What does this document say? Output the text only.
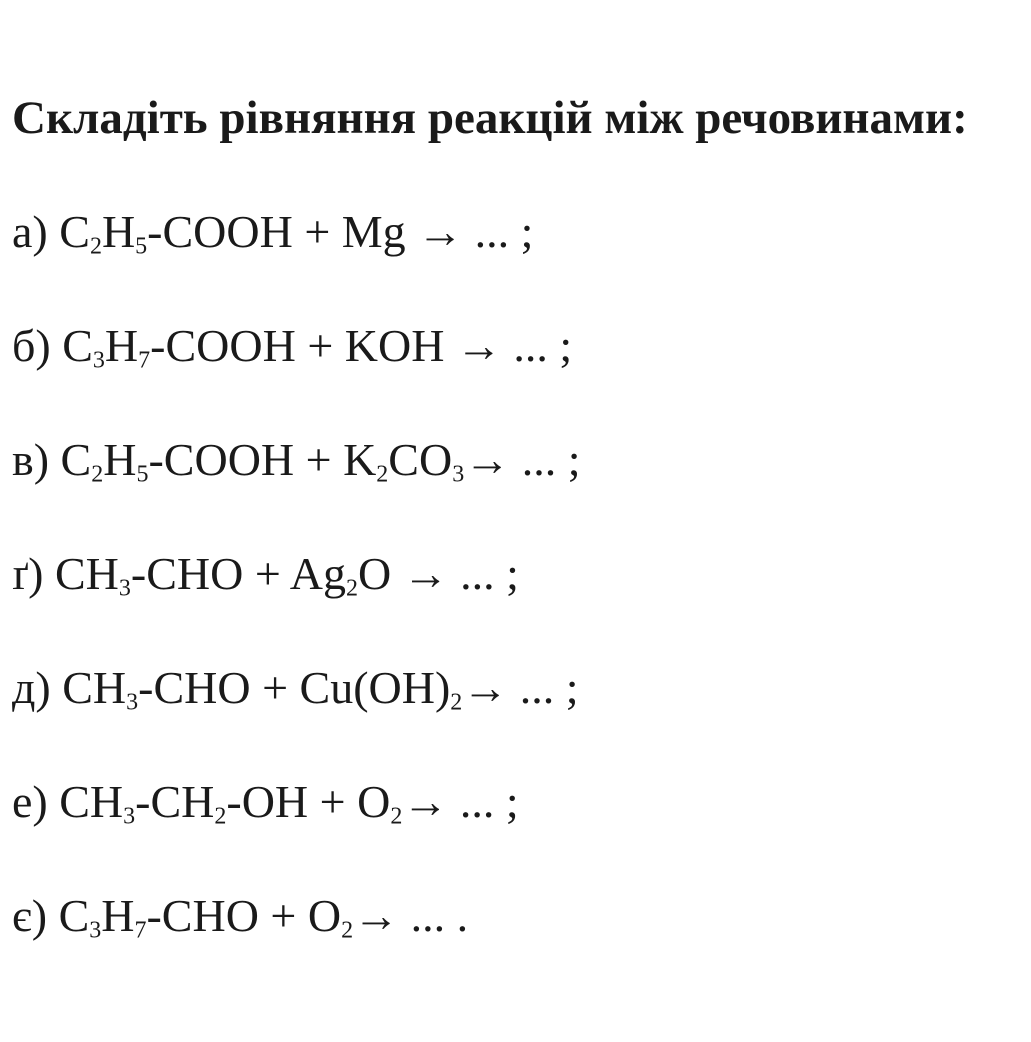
Складіть рівняння реакцій між речовинами:

а) $C_2H_5$-COOH + Mg → ... ;

б) $C_3H_7$-COOH + KOH → ... ;

в) $C_2H_5$-COOH + $K_2CO_3\to$ ... ;

ґ) $CH_3$-CHO + $Ag_2O$ → ... ;

д) $CH_3$-CHO + $Cu(OH)_2\to$ ... ;

е) $CH_3-CH_2-OH + O_2\to$ ... ;

є) $C_3H_7$-CHO + $O_2\to$ ... .
